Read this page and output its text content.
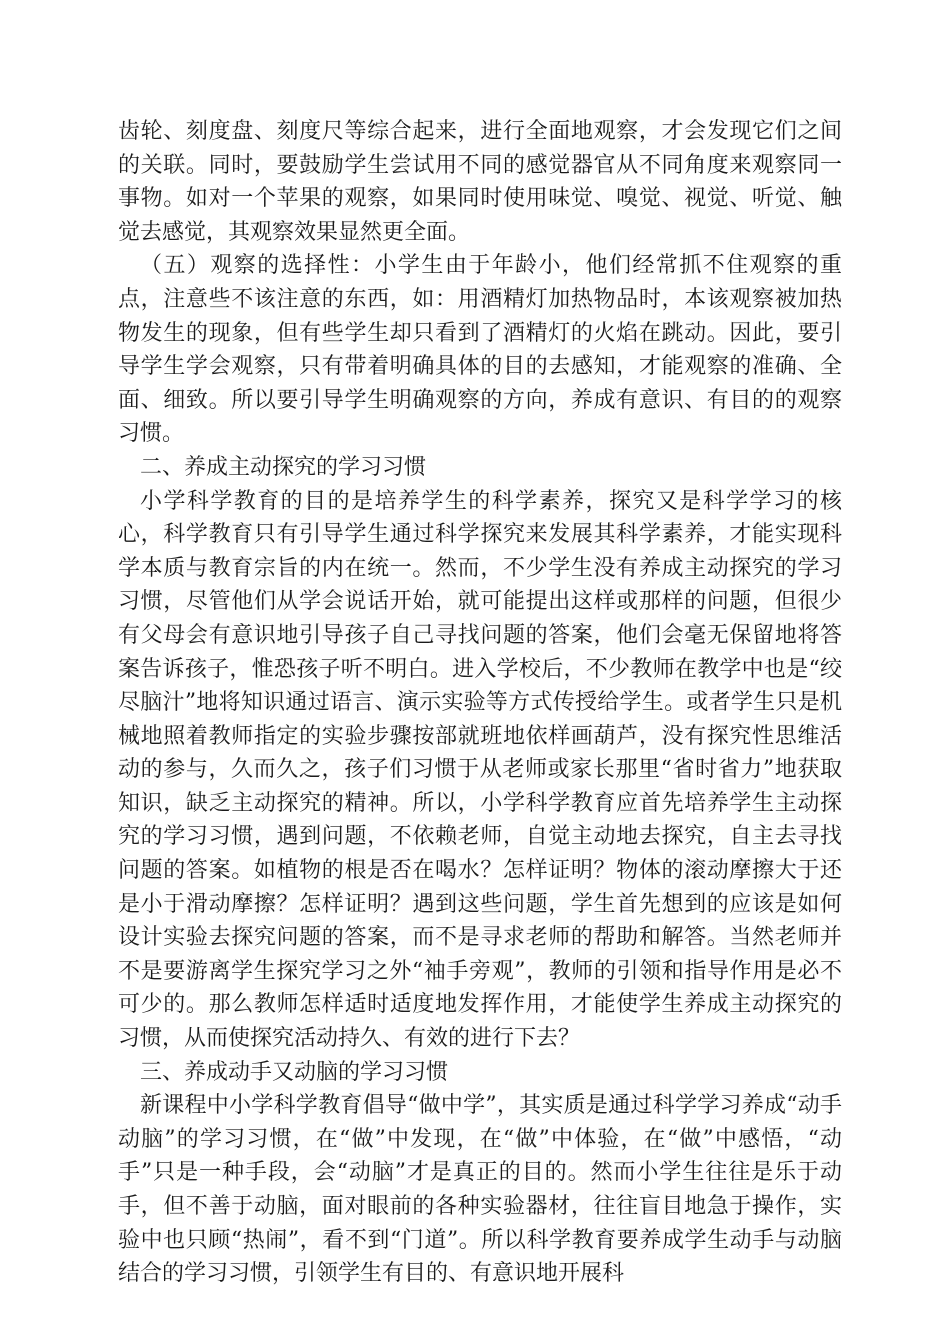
齿轮、刻度盘、刻度尺等综合起来，进行全面地观察，才会发现它们之间的关联。同时，要鼓励学生尝试用不同的感觉器官从不同角度来观察同一事物。如对一个苹果的观察，如果同时使用味觉、嗅觉、视觉、听觉、触觉去感觉，其观察效果显然更全面。

（五）观察的选择性：小学生由于年龄小，他们经常抓不住观察的重点，注意些不该注意的东西，如：用酒精灯加热物品时，本该观察被加热物发生的现象，但有些学生却只看到了酒精灯的火焰在跳动。因此，要引导学生学会观察，只有带着明确具体的目的去感知，才能观察的准确、全面、细致。所以要引导学生明确观察的方向，养成有意识、有目的的观察习惯。

二、养成主动探究的学习习惯

小学科学教育的目的是培养学生的科学素养，探究又是科学学习的核心，科学教育只有引导学生通过科学探究来发展其科学素养，才能实现科学本质与教育宗旨的内在统一。然而，不少学生没有养成主动探究的学习习惯，尽管他们从学会说话开始，就可能提出这样或那样的问题，但很少有父母会有意识地引导孩子自己寻找问题的答案，他们会毫无保留地将答案告诉孩子，惟恐孩子听不明白。进入学校后，不少教师在教学中也是“绞尽脑汁”地将知识通过语言、演示实验等方式传授给学生。或者学生只是机械地照着教师指定的实验步骤按部就班地依样画葫芦，没有探究性思维活动的参与，久而久之，孩子们习惯于从老师或家长那里“省时省力”地获取知识，缺乏主动探究的精神。所以，小学科学教育应首先培养学生主动探究的学习习惯，遇到问题，不依赖老师，自觉主动地去探究，自主去寻找问题的答案。如植物的根是否在喝水？怎样证明？物体的滚动摩擦大于还是小于滑动摩擦？怎样证明？遇到这些问题，学生首先想到的应该是如何设计实验去探究问题的答案，而不是寻求老师的帮助和解答。当然老师并不是要游离学生探究学习之外“袖手旁观”，教师的引领和指导作用是必不可少的。那么教师怎样适时适度地发挥作用，才能使学生养成主动探究的习惯，从而使探究活动持久、有效的进行下去？

三、养成动手又动脑的学习习惯

新课程中小学科学教育倡导“做中学”，其实质是通过科学学习养成“动手动脑”的学习习惯，在“做”中发现，在“做”中体验，在“做”中感悟，“动手”只是一种手段，会“动脑”才是真正的目的。然而小学生往往是乐于动手，但不善于动脑，面对眼前的各种实验器材，往往盲目地急于操作，实验中也只顾“热闹”，看不到“门道”。所以科学教育要养成学生动手与动脑结合的学习习惯，引领学生有目的、有意识地开展科
